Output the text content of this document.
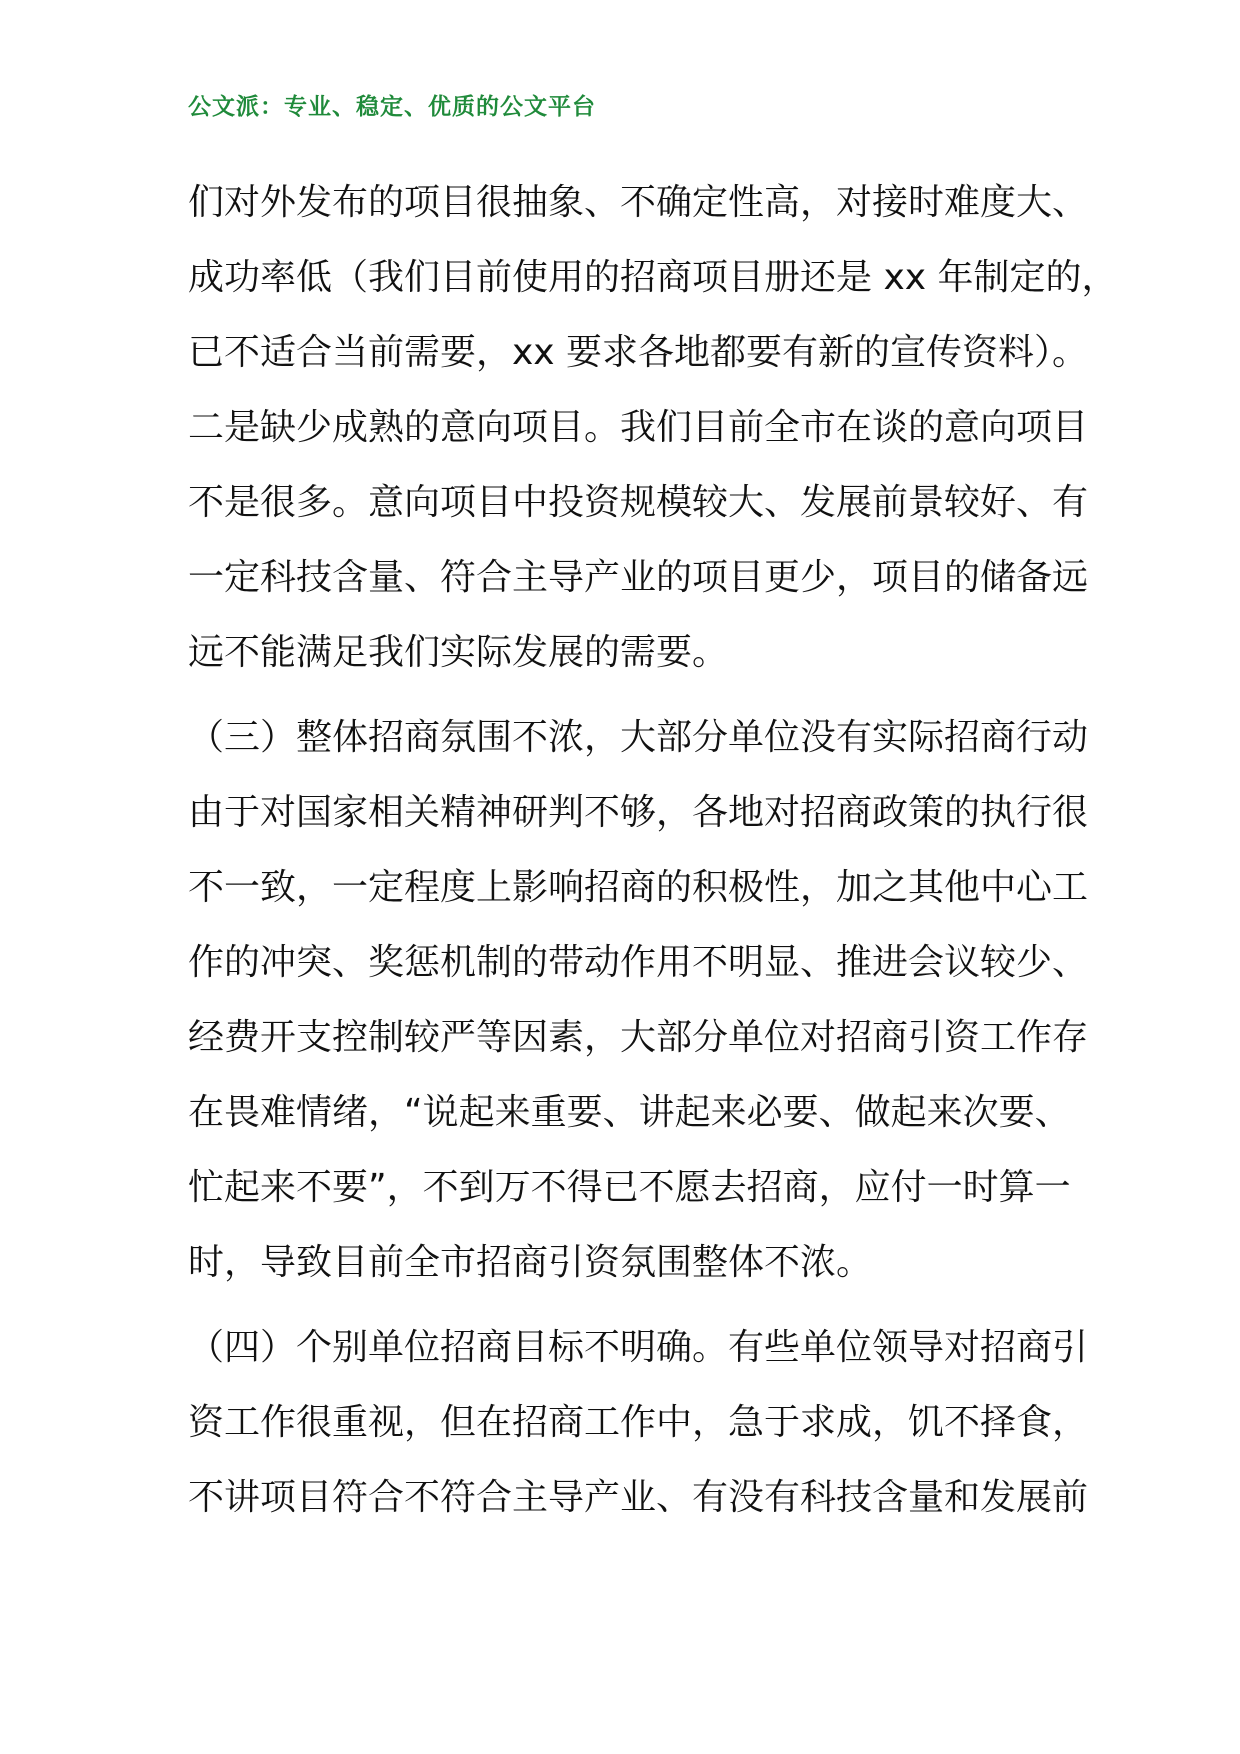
公文派：专业、稳定、优质的公文平台
们对外发布的项目很抽象、不确定性高，对接时难度大、
成功率低（我们目前使用的招商项目册还是 xx 年制定的，
已不适合当前需要，xx 要求各地都要有新的宣传资料）。
二是缺少成熟的意向项目。我们目前全市在谈的意向项目
不是很多。意向项目中投资规模较大、发展前景较好、有
一定科技含量、符合主导产业的项目更少，项目的储备远
远不能满足我们实际发展的需要。
（三）整体招商氛围不浓，大部分单位没有实际招商行动
由于对国家相关精神研判不够，各地对招商政策的执行很
不一致，一定程度上影响招商的积极性，加之其他中心工
作的冲突、奖惩机制的带动作用不明显、推进会议较少、
经费开支控制较严等因素，大部分单位对招商引资工作存
在畏难情绪，“说起来重要、讲起来必要、做起来次要、
忙起来不要”，不到万不得已不愿去招商，应付一时算一
时，导致目前全市招商引资氛围整体不浓。
（四）个别单位招商目标不明确。有些单位领导对招商引
资工作很重视，但在招商工作中，急于求成，饥不择食，
不讲项目符合不符合主导产业、有没有科技含量和发展前
